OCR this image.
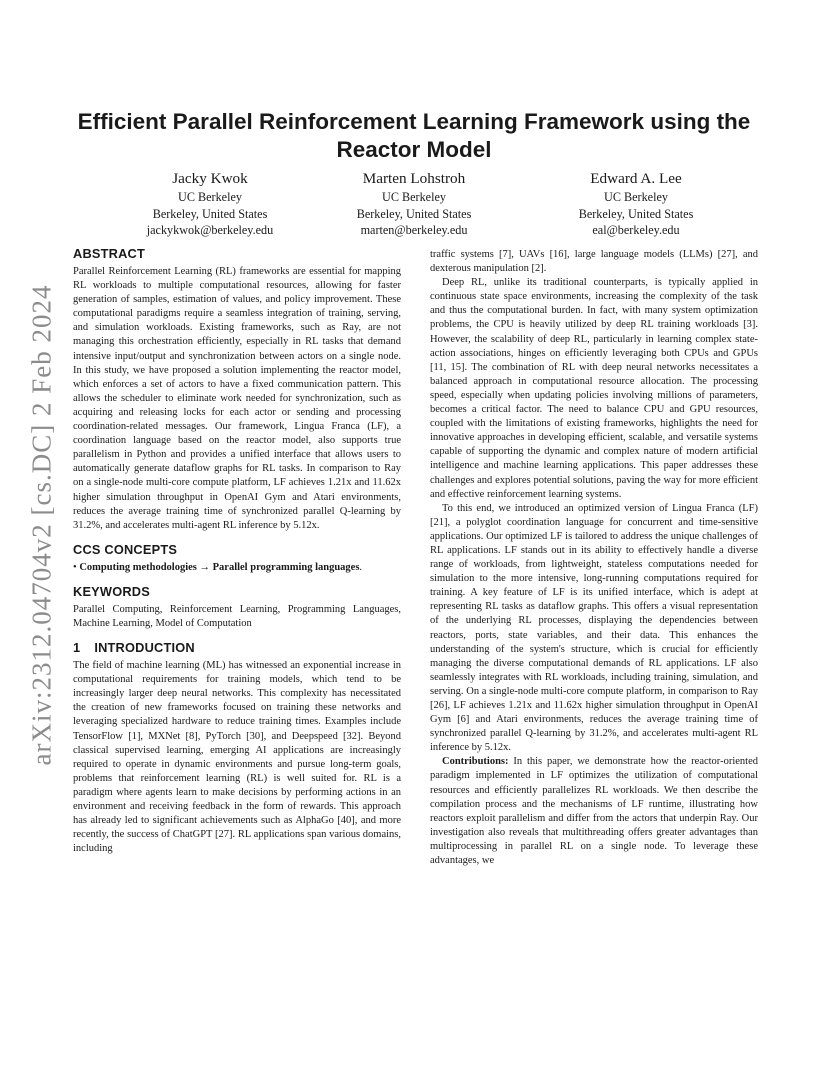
arXiv:2312.04704v2 [cs.DC] 2 Feb 2024
Efficient Parallel Reinforcement Learning Framework using the Reactor Model
Jacky Kwok
UC Berkeley
Berkeley, United States
jackykwok@berkeley.edu
Marten Lohstroh
UC Berkeley
Berkeley, United States
marten@berkeley.edu
Edward A. Lee
UC Berkeley
Berkeley, United States
eal@berkeley.edu
ABSTRACT

Parallel Reinforcement Learning (RL) frameworks are essential for mapping RL workloads to multiple computational resources, allowing for faster generation of samples, estimation of values, and policy improvement. These computational paradigms require a seamless integration of training, serving, and simulation workloads. Existing frameworks, such as Ray, are not managing this orchestration efficiently, especially in RL tasks that demand intensive input/output and synchronization between actors on a single node. In this study, we have proposed a solution implementing the reactor model, which enforces a set of actors to have a fixed communication pattern. This allows the scheduler to eliminate work needed for synchronization, such as acquiring and releasing locks for each actor or sending and processing coordination-related messages. Our framework, Lingua Franca (LF), a coordination language based on the reactor model, also supports true parallelism in Python and provides a unified interface that allows users to automatically generate dataflow graphs for RL tasks. In comparison to Ray on a single-node multi-core compute platform, LF achieves 1.21x and 11.62x higher simulation throughput in OpenAI Gym and Atari environments, reduces the average training time of synchronized parallel Q-learning by 31.2%, and accelerates multi-agent RL inference by 5.12x.

CCS CONCEPTS

• Computing methodologies → Parallel programming languages.

KEYWORDS

Parallel Computing, Reinforcement Learning, Programming Languages, Machine Learning, Model of Computation

1 INTRODUCTION

The field of machine learning (ML) has witnessed an exponential increase in computational requirements for training models, which tend to be increasingly larger deep neural networks. This complexity has necessitated the creation of new frameworks focused on training these networks and leveraging specialized hardware to reduce training times. Examples include TensorFlow [1], MXNet [8], PyTorch [30], and Deepspeed [32]. Beyond classical supervised learning, emerging AI applications are increasingly required to operate in dynamic environments and pursue long-term goals, problems that reinforcement learning (RL) is well suited for. RL is a paradigm where agents learn to make decisions by performing actions in an environment and receiving feedback in the form of rewards. This approach has already led to significant achievements such as AlphaGo [40], and more recently, the success of ChatGPT [27]. RL applications span various domains, including

traffic systems [7], UAVs [16], large language models (LLMs) [27], and dexterous manipulation [2].

Deep RL, unlike its traditional counterparts, is typically applied in continuous state space environments, increasing the complexity of the task and thus the computational burden. In fact, with many system optimization problems, the CPU is heavily utilized by deep RL training workloads [3]. However, the scalability of deep RL, particularly in learning complex state-action associations, hinges on efficiently leveraging both CPUs and GPUs [11, 15]. The combination of RL with deep neural networks necessitates a balanced approach in computational resource allocation. The processing speed, especially when updating policies involving millions of parameters, becomes a critical factor. The need to balance CPU and GPU resources, coupled with the limitations of existing frameworks, highlights the need for innovative approaches in developing efficient, scalable, and versatile systems capable of supporting the dynamic and complex nature of modern artificial intelligence and machine learning applications. This paper addresses these challenges and explores potential solutions, paving the way for more efficient and effective reinforcement learning systems.

To this end, we introduced an optimized version of Lingua Franca (LF) [21], a polyglot coordination language for concurrent and time-sensitive applications. Our optimized LF is tailored to address the unique challenges of RL applications. LF stands out in its ability to effectively handle a diverse range of workloads, from lightweight, stateless computations needed for simulation to the more intensive, long-running computations required for training. A key feature of LF is its unified interface, which is adept at representing RL tasks as dataflow graphs. This offers a visual representation of the underlying RL processes, displaying the dependencies between reactors, ports, state variables, and their data. This enhances the understanding of the system's structure, which is crucial for efficiently managing the diverse computational demands of RL applications. LF also seamlessly integrates with RL workloads, including training, simulation, and serving. On a single-node multi-core compute platform, in comparison to Ray [26], LF achieves 1.21x and 11.62x higher simulation throughput in OpenAI Gym [6] and Atari environments, reduces the average training time of synchronized parallel Q-learning by 31.2%, and accelerates multi-agent RL inference by 5.12x.

Contributions: In this paper, we demonstrate how the reactor-oriented paradigm implemented in LF optimizes the utilization of computational resources and efficiently parallelizes RL workloads. We then describe the compilation process and the mechanisms of LF runtime, illustrating how reactors exploit parallelism and differ from the actors that underpin Ray. Our investigation also reveals that multithreading offers greater advantages than multiprocessing in parallel RL on a single node. To leverage these advantages, we
